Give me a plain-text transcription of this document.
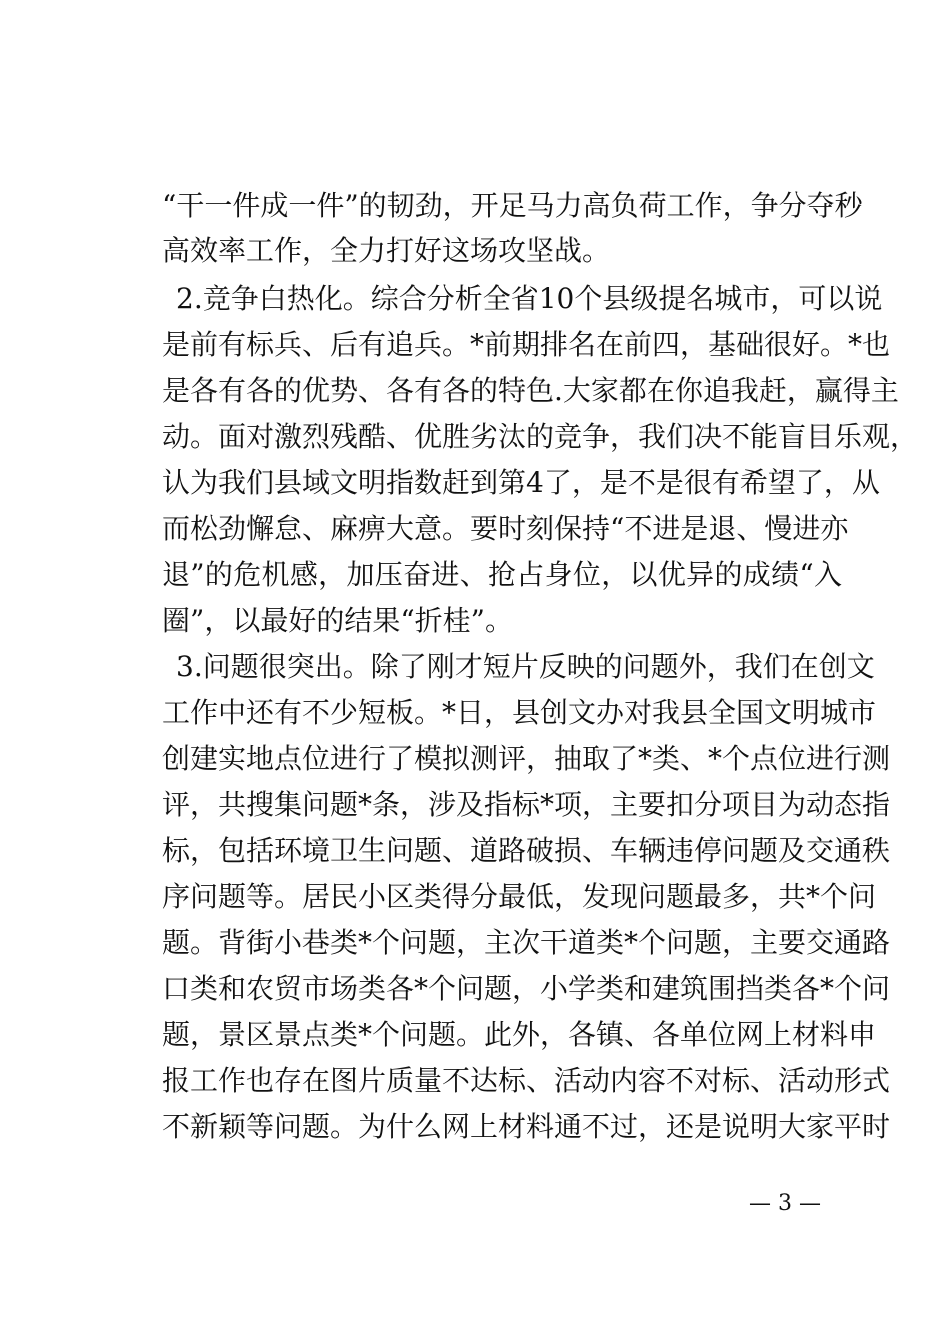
“干一件成一件”的韧劲，开足马力高负荷工作，争分夺秒
高效率工作，全力打好这场攻坚战。
2.竞争白热化。综合分析全省10个县级提名城市，可以说
是前有标兵、后有追兵。*前期排名在前四，基础很好。*也
是各有各的优势、各有各的特色.大家都在你追我赶，赢得主
动。面对激烈残酷、优胜劣汰的竞争，我们决不能盲目乐观，
认为我们县域文明指数赶到第4了，是不是很有希望了，从
而松劲懈怠、麻痹大意。要时刻保持“不进是退、慢进亦
退”的危机感，加压奋进、抢占身位，以优异的成绩“入
圈”，以最好的结果“折桂”。
3.问题很突出。除了刚才短片反映的问题外，我们在创文
工作中还有不少短板。*日，县创文办对我县全国文明城市
创建实地点位进行了模拟测评，抽取了*类、*个点位进行测
评，共搜集问题*条，涉及指标*项，主要扣分项目为动态指
标，包括环境卫生问题、道路破损、车辆违停问题及交通秩
序问题等。居民小区类得分最低，发现问题最多，共*个问
题。背街小巷类*个问题，主次干道类*个问题，主要交通路
口类和农贸市场类各*个问题，小学类和建筑围挡类各*个问
题，景区景点类*个问题。此外，各镇、各单位网上材料申
报工作也存在图片质量不达标、活动内容不对标、活动形式
不新颖等问题。为什么网上材料通不过，还是说明大家平时
— 3 —
